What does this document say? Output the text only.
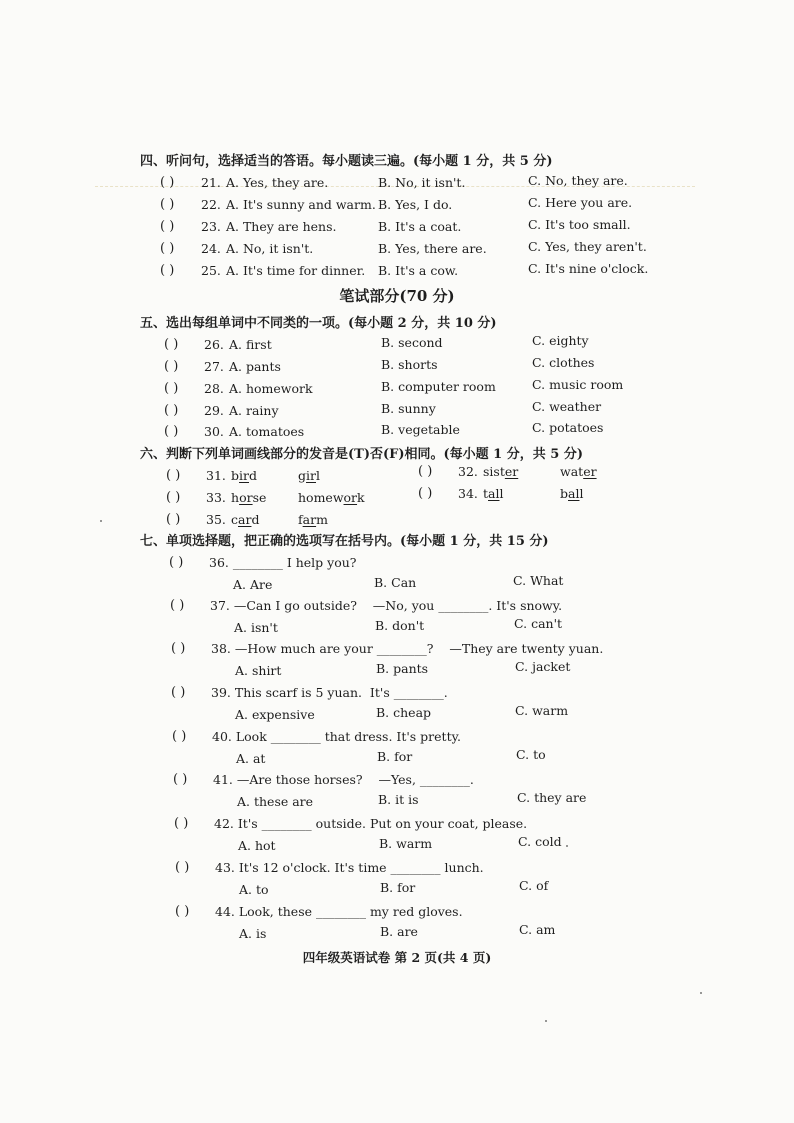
四、听问句，选择适当的答语。每小题读三遍。(每小题 1 分，共 5 分)
( ) 21. A. Yes, they are.	B. No, it isn't.	C. No, they are.
( ) 22. A. It's sunny and warm. B. Yes, I do.	C. Here you are.
( ) 23. A. They are hens.	B. It's a coat.	C. It's too small.
( ) 24. A. No, it isn't.	B. Yes, there are.	C. Yes, they aren't.
( ) 25. A. It's time for dinner. B. It's a cow.	C. It's nine o'clock.
笔试部分(70 分)
五、选出每组单词中不同类的一项。(每小题 2 分，共 10 分)
( ) 26. A. first	B. second	C. eighty
( ) 27. A. pants	B. shorts	C. clothes
( ) 28. A. homework	B. computer room	C. music room
( ) 29. A. rainy	B. sunny	C. weather
( ) 30. A. tomatoes	B. vegetable	C. potatoes
六、判断下列单词画线部分的发音是(T)否(F)相同。(每小题 1 分，共 5 分)
( ) 31. bird	girl	( ) 32. sister	water
( ) 33. horse	homework	( ) 34. tall	ball
( ) 35. card	farm
七、单项选择题，把正确的选项写在括号内。(每小题 1 分，共 15 分)
( ) 36. ________ I help you?
A. Are	B. Can	C. What
( ) 37. —Can I go outside?    —No, you ________. It's snowy.
A. isn't	B. don't	C. can't
( ) 38. —How much are your ________?    —They are twenty yuan.
A. shirt	B. pants	C. jacket
( ) 39. This scarf is 5 yuan.  It's ________.
A. expensive	B. cheap	C. warm
( ) 40. Look ________ that dress. It's pretty.
A. at	B. for	C. to
( ) 41. —Are those horses?    —Yes, ________.
A. these are	B. it is	C. they are
( ) 42. It's ________ outside. Put on your coat, please.
A. hot	B. warm	C. cold
( ) 43. It's 12 o'clock. It's time ________ lunch.
A. to	B. for	C. of
( ) 44. Look, these ________ my red gloves.
A. is	B. are	C. am
四年级英语试卷 第 2 页(共 4 页)
